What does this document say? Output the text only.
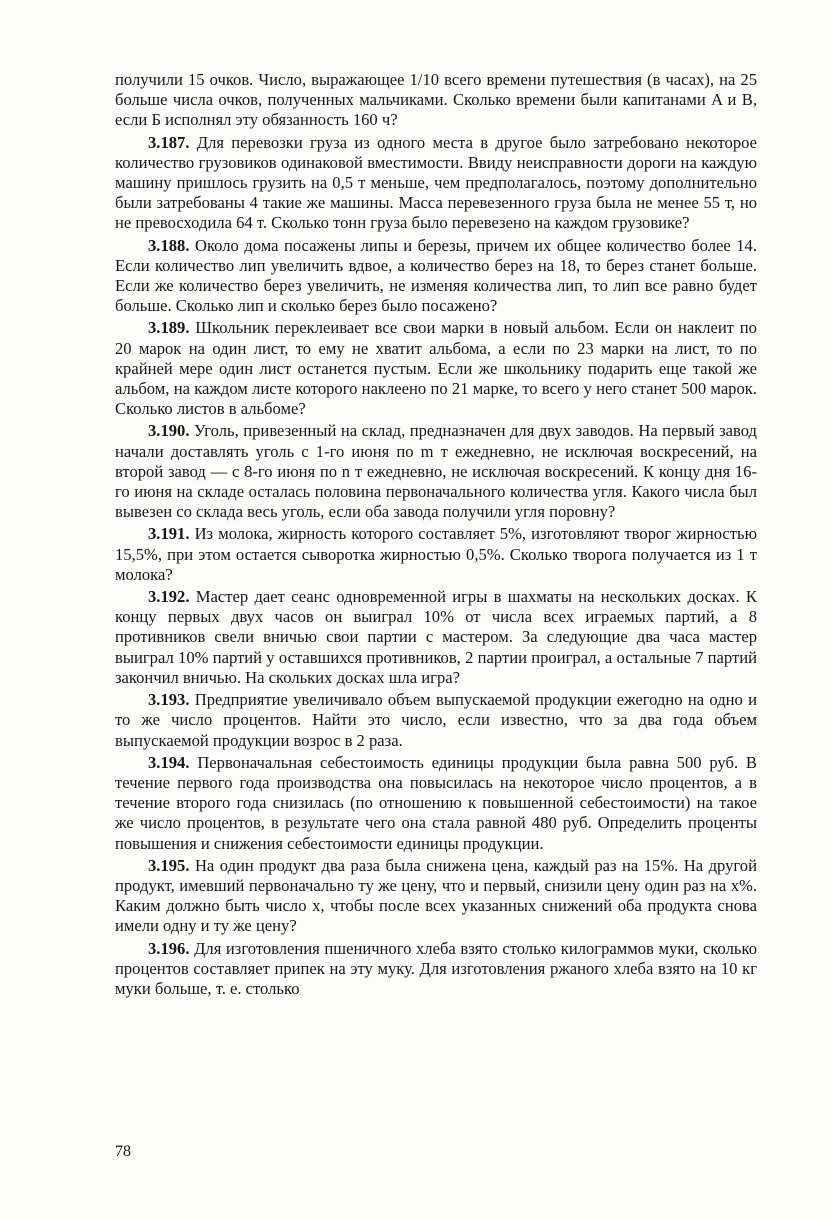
получили 15 очков. Число, выражающее 1/10 всего времени путешествия (в часах), на 25 больше числа очков, полученных мальчиками. Сколько времени были капитанами A и B, если Б исполнял эту обязанность 160 ч?

3.187. Для перевозки груза из одного места в другое было затребовано некоторое количество грузовиков одинаковой вместимости. Ввиду неисправности дороги на каждую машину пришлось грузить на 0,5 т меньше, чем предполагалось, поэтому дополнительно были затребованы 4 такие же машины. Масса перевезенного груза была не менее 55 т, но не превосходила 64 т. Сколько тонн груза было перевезено на каждом грузовике?

3.188. Около дома посажены липы и березы, причем их общее количество более 14. Если количество лип увеличить вдвое, а количество берез на 18, то берез станет больше. Если же количество берез увеличить, не изменяя количества лип, то лип все равно будет больше. Сколько лип и сколько берез было посажено?

3.189. Школьник переклеивает все свои марки в новый альбом. Если он наклеит по 20 марок на один лист, то ему не хватит альбома, а если по 23 марки на лист, то по крайней мере один лист останется пустым. Если же школьнику подарить еще такой же альбом, на каждом листе которого наклеено по 21 марке, то всего у него станет 500 марок. Сколько листов в альбоме?

3.190. Уголь, привезенный на склад, предназначен для двух заводов. На первый завод начали доставлять уголь с 1-го июня по m т ежедневно, не исключая воскресений, на второй завод — с 8-го июня по n т ежедневно, не исключая воскресений. К концу дня 16-го июня на складе осталась половина первоначального количества угля. Какого числа был вывезен со склада весь уголь, если оба завода получили угля поровну?

3.191. Из молока, жирность которого составляет 5%, изготовляют творог жирностью 15,5%, при этом остается сыворотка жирностью 0,5%. Сколько творога получается из 1 т молока?

3.192. Мастер дает сеанс одновременной игры в шахматы на нескольких досках. К концу первых двух часов он выиграл 10% от числа всех играемых партий, а 8 противников свели вничью свои партии с мастером. За следующие два часа мастер выиграл 10% партий у оставшихся противников, 2 партии проиграл, а остальные 7 партий закончил вничью. На скольких досках шла игра?

3.193. Предприятие увеличивало объем выпускаемой продукции ежегодно на одно и то же число процентов. Найти это число, если известно, что за два года объем выпускаемой продукции возрос в 2 раза.

3.194. Первоначальная себестоимость единицы продукции была равна 500 руб. В течение первого года производства она повысилась на некоторое число процентов, а в течение второго года снизилась (по отношению к повышенной себестоимости) на такое же число процентов, в результате чего она стала равной 480 руб. Определить проценты повышения и снижения себестоимости единицы продукции.

3.195. На один продукт два раза была снижена цена, каждый раз на 15%. На другой продукт, имевший первоначально ту же цену, что и первый, снизили цену один раз на x%. Каким должно быть число x, чтобы после всех указанных снижений оба продукта снова имели одну и ту же цену?

3.196. Для изготовления пшеничного хлеба взято столько килограммов муки, сколько процентов составляет припек на эту муку. Для изготовления ржаного хлеба взято на 10 кг муки больше, т. е. столько

78
